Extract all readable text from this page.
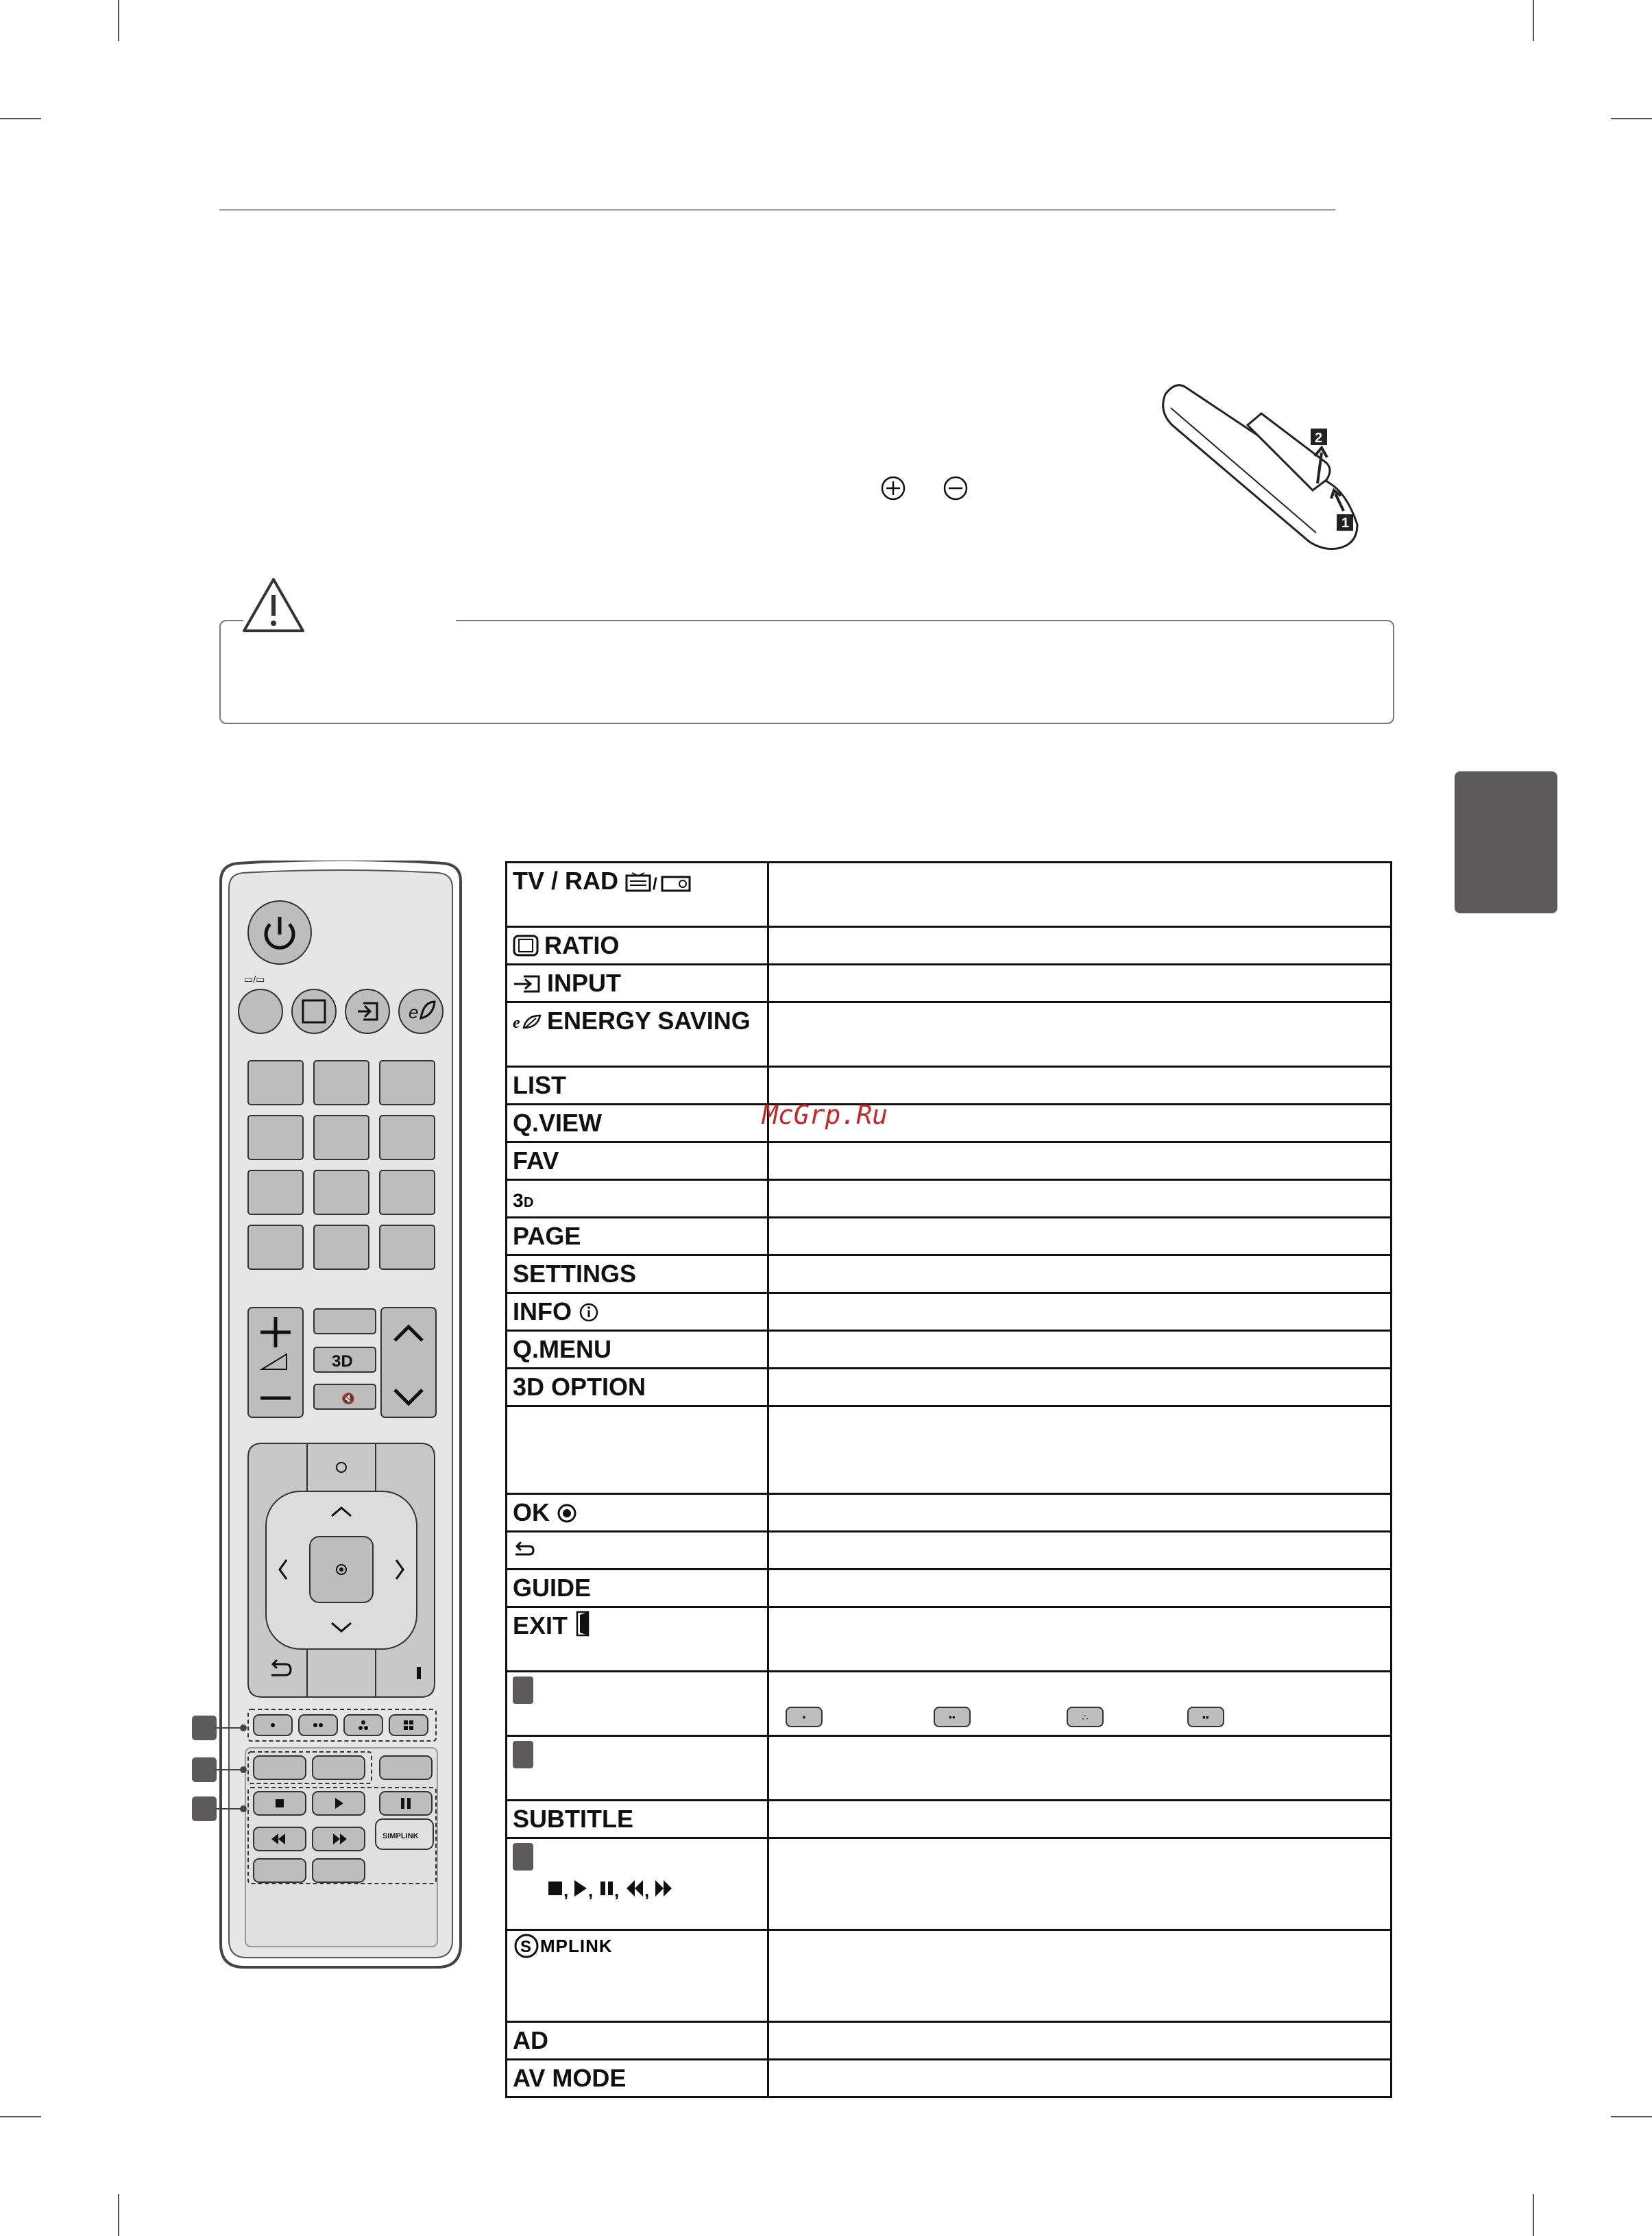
2
1
▭/▭
e
3D
🔇
SIMPLINK
TV / RAD /	

RATIO	
INPUT	

e ENERGY SAVING	
LIST	
Q.VIEW	
FAV	

3 D	

PAGE	
SETTINGS	
INFO	
Q.MENU	
3D OPTION	

OK	

GUIDE	
EXIT	

	• •• ∴ ▪▪

SUBTITLE	

, , , ,	

S MPLINK	

AD	
AV MODE	
McGrp.Ru
